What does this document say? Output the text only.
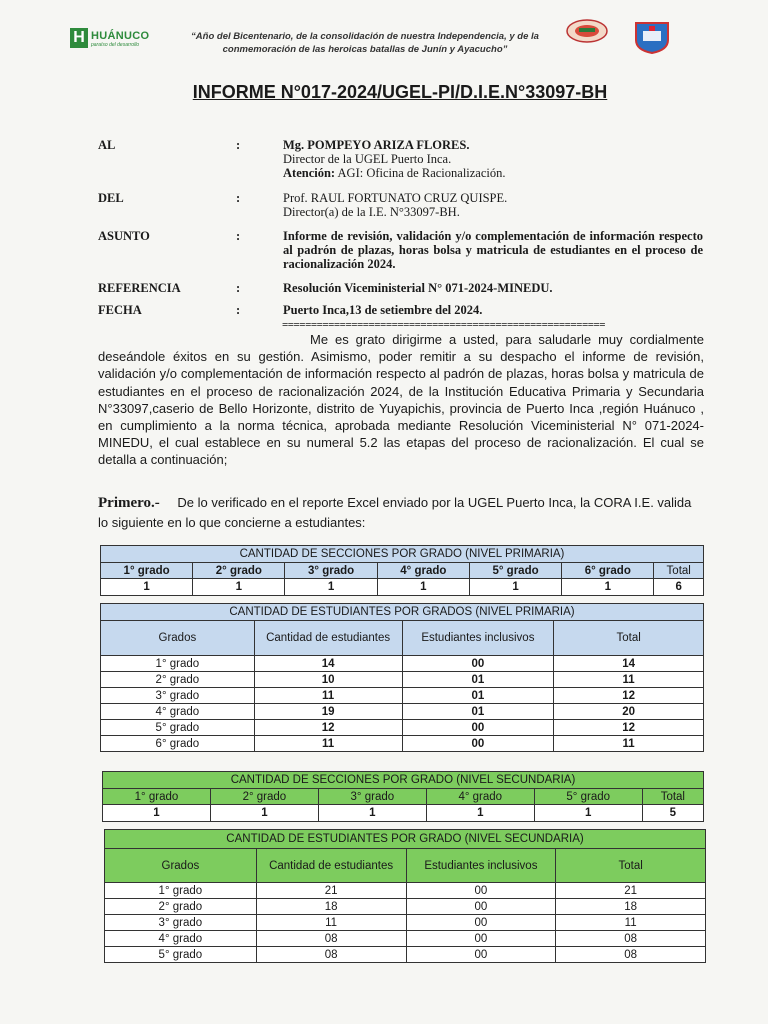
H HUÁNUCO
paraíso del desarrollo
“Año del Bicentenario, de la consolidación de nuestra Independencia, y de la
conmemoración de las heroicas batallas de Junín y Ayacucho”
INFORME N°017-2024/UGEL-PI/D.I.E.N°33097-BH
AL	:	Mg. POMPEYO ARIZA FLORES.
Director de la UGEL Puerto Inca.
Atención: AGI: Oficina de Racionalización.
DEL	:	Prof. RAUL FORTUNATO CRUZ QUISPE.
Director(a) de la I.E. N°33097-BH.
ASUNTO	:	Informe de revisión, validación y/o complementación de información respecto al padrón de plazas, horas bolsa y matricula de estudiantes en el proceso de racionalización 2024.
REFERENCIA	:	Resolución Viceministerial N° 071-2024-MINEDU.
FECHA	:	Puerto Inca,13 de setiembre del 2024.
========================================================
Me es grato dirigirme a usted, para saludarle muy cordialmente deseándole éxitos en su gestión. Asimismo, poder remitir a su despacho el informe de revisión, validación y/o complementación de información respecto al padrón de plazas, horas bolsa y matricula de estudiantes en el proceso de racionalización 2024, de la Institución Educativa Primaria y Secundaria N°33097,caserio de Bello Horizonte, distrito de Yuyapichis, provincia de Puerto Inca ,región Huánuco , en cumplimiento a la norma técnica, aprobada mediante Resolución Viceministerial N° 071-2024-MINEDU, el cual establece en su numeral 5.2 las etapas del proceso de racionalización. El cual se detalla a continuación;
Primero.- De lo verificado en el reporte Excel enviado por la UGEL Puerto Inca, la CORA I.E. valida lo siguiente en lo que concierne a estudiantes:
CANTIDAD DE SECCIONES POR GRADO (NIVEL PRIMARIA)						
1° grado	2° grado	3° grado	4° grado	5° grado	6° grado	Total
1	1	1	1	1	1	6
CANTIDAD DE ESTUDIANTES POR GRADOS (NIVEL PRIMARIA)			
Grados	Cantidad de estudiantes	Estudiantes inclusivos	Total
1° grado	14	00	14
2° grado	10	01	11
3° grado	11	01	12
4° grado	19	01	20
5° grado	12	00	12
6° grado	11	00	11
CANTIDAD DE SECCIONES POR GRADO (NIVEL SECUNDARIA)					
1° grado	2° grado	3° grado	4° grado	5° grado	Total
1	1	1	1	1	5
CANTIDAD DE ESTUDIANTES POR GRADO (NIVEL SECUNDARIA)			
Grados	Cantidad de estudiantes	Estudiantes inclusivos	Total
1° grado	21	00	21
2° grado	18	00	18
3° grado	11	00	11
4° grado	08	00	08
5° grado	08	00	08
